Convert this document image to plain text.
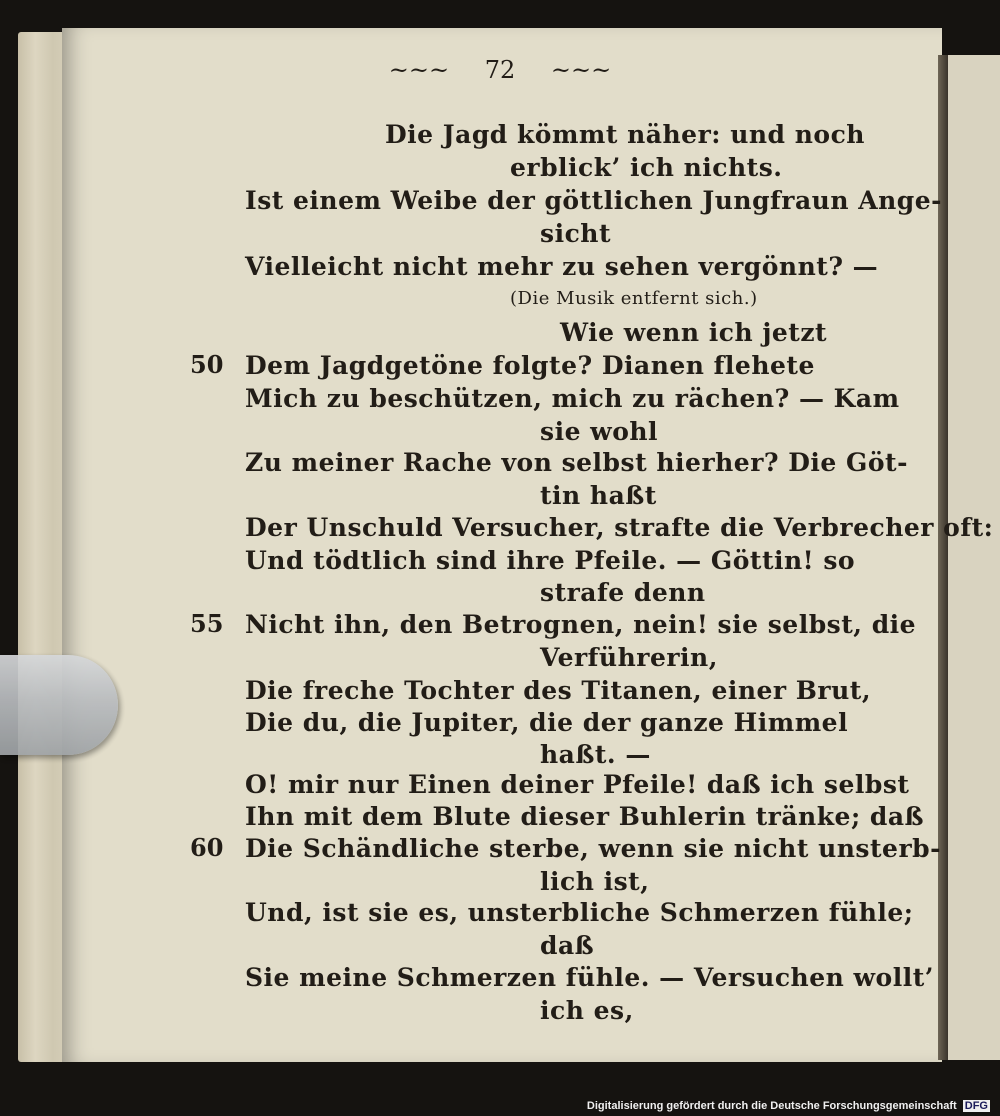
~~~ 72 ~~~
Die Jagd kömmt näher: und noch
erblick’ ich nichts.
Ist einem Weibe der göttlichen Jungfraun Ange-
sicht
Vielleicht nicht mehr zu sehen vergönnt? —
(Die Musik entfernt sich.)
Wie wenn ich jetzt
50 Dem Jagdgetöne folgte? Dianen flehete
Mich zu beschützen, mich zu rächen? — Kam
sie wohl
Zu meiner Rache von selbst hierher? Die Göt-
tin haßt
Der Unschuld Versucher, strafte die Verbrecher oft:
Und tödtlich sind ihre Pfeile. — Göttin! so
strafe denn
55 Nicht ihn, den Betrognen, nein! sie selbst, die
Verführerin,
Die freche Tochter des Titanen, einer Brut,
Die du, die Jupiter, die der ganze Himmel
haßt. —
O! mir nur Einen deiner Pfeile! daß ich selbst
Ihn mit dem Blute dieser Buhlerin tränke; daß
60 Die Schändliche sterbe, wenn sie nicht unsterb-
lich ist,
Und, ist sie es, unsterbliche Schmerzen fühle;
daß
Sie meine Schmerzen fühle. — Versuchen wollt’
ich es,
Digitalisierung gefördert durch die Deutsche Forschungsgemeinschaft DFG
